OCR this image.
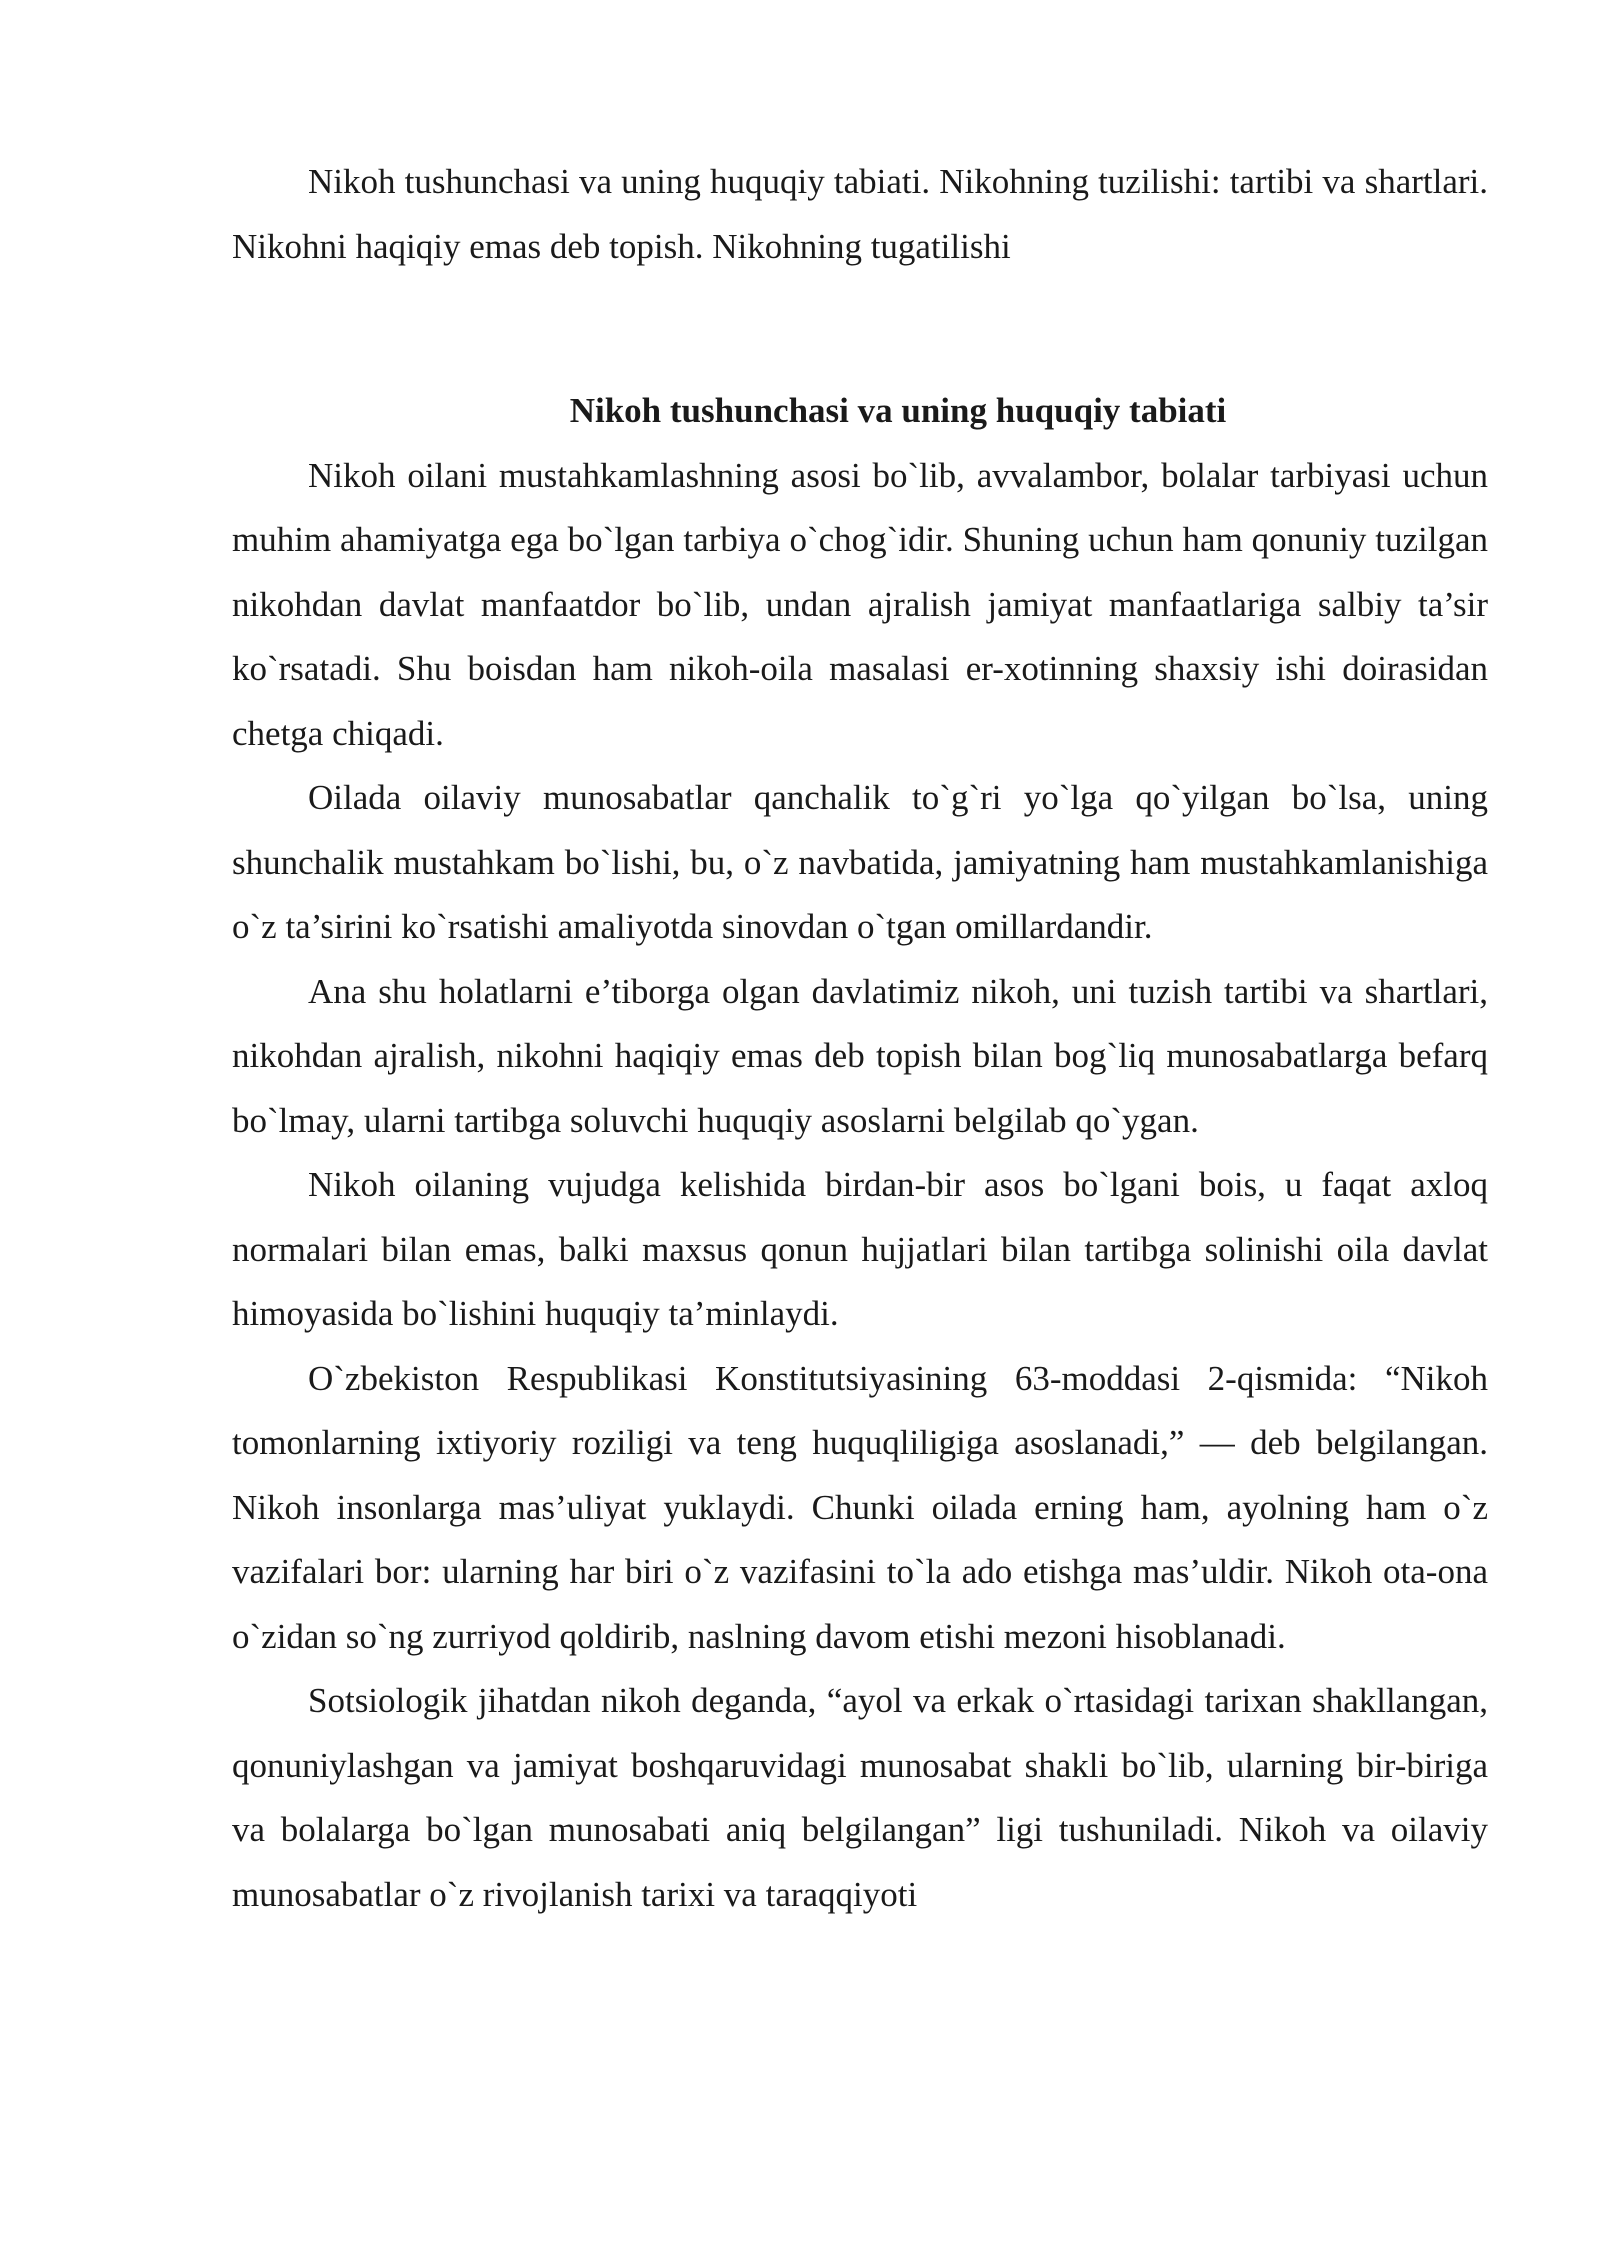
Nikoh tushunchasi va uning huquqiy tabiati. Nikohning tuzilishi: tartibi va shartlari. Nikohni haqiqiy emas deb topish. Nikohning tugatilishi

Nikoh tushunchasi va uning huquqiy tabiati

Nikoh oilani mustahkamlashning asosi bo`lib, avvalambor, bolalar tarbiyasi uchun muhim ahamiyatga ega bo`lgan tarbiya o`chog`idir. Shuning uchun ham qonuniy tuzilgan nikohdan davlat manfaatdor bo`lib, undan ajralish jamiyat manfaatlariga salbiy ta’sir ko`rsatadi. Shu boisdan ham nikoh-oila masalasi er-xotinning shaxsiy ishi doirasidan chetga chiqadi.

Oilada oilaviy munosabatlar qanchalik to`g`ri yo`lga qo`yilgan bo`lsa, uning shunchalik mustahkam bo`lishi, bu, o`z navbatida, jamiyatning ham mustahkamlanishiga o`z ta’sirini ko`rsatishi amaliyotda sinovdan o`tgan omillardandir.

Ana shu holatlarni e’tiborga olgan davlatimiz nikoh, uni tuzish tartibi va shartlari, nikohdan ajralish, nikohni haqiqiy emas deb topish bilan bog`liq munosabatlarga befarq bo`lmay, ularni tartibga soluvchi huquqiy asoslarni belgilab qo`ygan.

Nikoh oilaning vujudga kelishida birdan-bir asos bo`lgani bois, u faqat axloq normalari bilan emas, balki maxsus qonun hujjatlari bilan tartibga solinishi oila davlat himoyasida bo`lishini huquqiy ta’minlaydi.

O`zbekiston Respublikasi Konstitutsiyasining 63-moddasi 2-qismida: “Nikoh tomonlarning ixtiyoriy roziligi va teng huquqliligiga asoslanadi,” — deb belgilangan. Nikoh insonlarga mas’uliyat yuklaydi. Chunki oilada erning ham, ayolning ham o`z vazifalari bor: ularning har biri o`z vazifasini to`la ado etishga mas’uldir. Nikoh ota-ona o`zidan so`ng zurriyod qoldirib, naslning davom etishi mezoni hisoblanadi.

Sotsiologik jihatdan nikoh deganda, “ayol va erkak o`rtasidagi tarixan shakllangan, qonuniylashgan va jamiyat boshqaruvidagi munosabat shakli bo`lib, ularning bir-biriga va bolalarga bo`lgan munosabati aniq belgilangan” ligi tushuniladi. Nikoh va oilaviy munosabatlar o`z rivojlanish tarixi va taraqqiyoti
